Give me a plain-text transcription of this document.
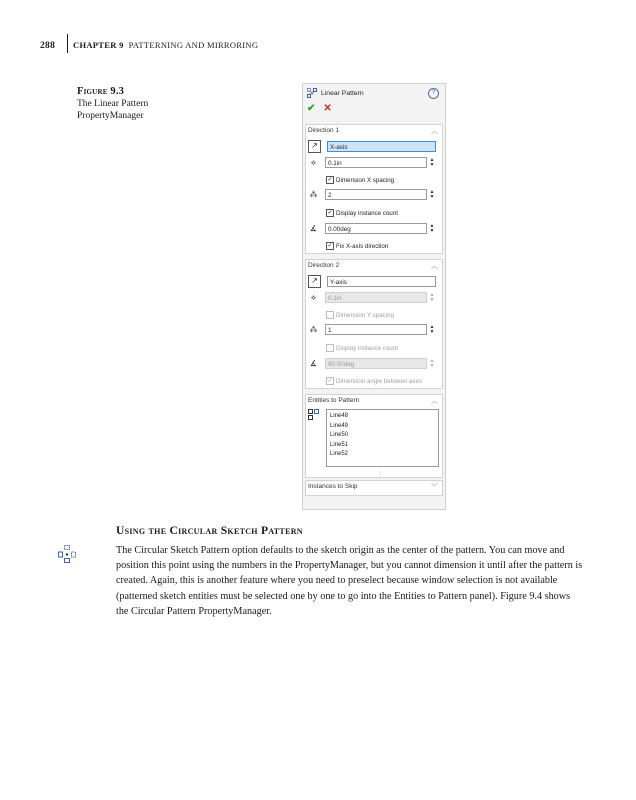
288 CHAPTER 9 PATTERNING AND MIRRORING
Figure 9.3
The Linear Pattern
PropertyManager
Linear Pattern	?
✔ ✕
Direction 1	︿
↗	X-axis
⟡	0.1in
▲
▼
✓ Dimension X spacing
⁂	2
▲
▼
✓ Display instance count
∡	0.00deg
▲
▼
✓ Fix X-axis direction
Direction 2	︿
↗	Y-axis
⟡	0.1in
▲
▼
Dimension Y spacing
⁂	1
▲
▼
Display instance count
∡	90.00deg
▲
▼
✓ Dimension angle between axes
Entities to Pattern	︿
Line48
Line49
Line50
Line51
Line52
⁞
Instances to Skip	﹀
Using the Circular Sketch Pattern
The Circular Sketch Pattern option defaults to the sketch origin as the center of the pattern. You can move and position this point using the numbers in the PropertyManager, but you cannot dimension it until after the pattern is created. Again, this is another feature where you need to preselect because window selection is not available (patterned sketch entities must be selected one by one to go into the Entities to Pattern panel). Figure 9.4 shows the Circular Pattern PropertyManager.
